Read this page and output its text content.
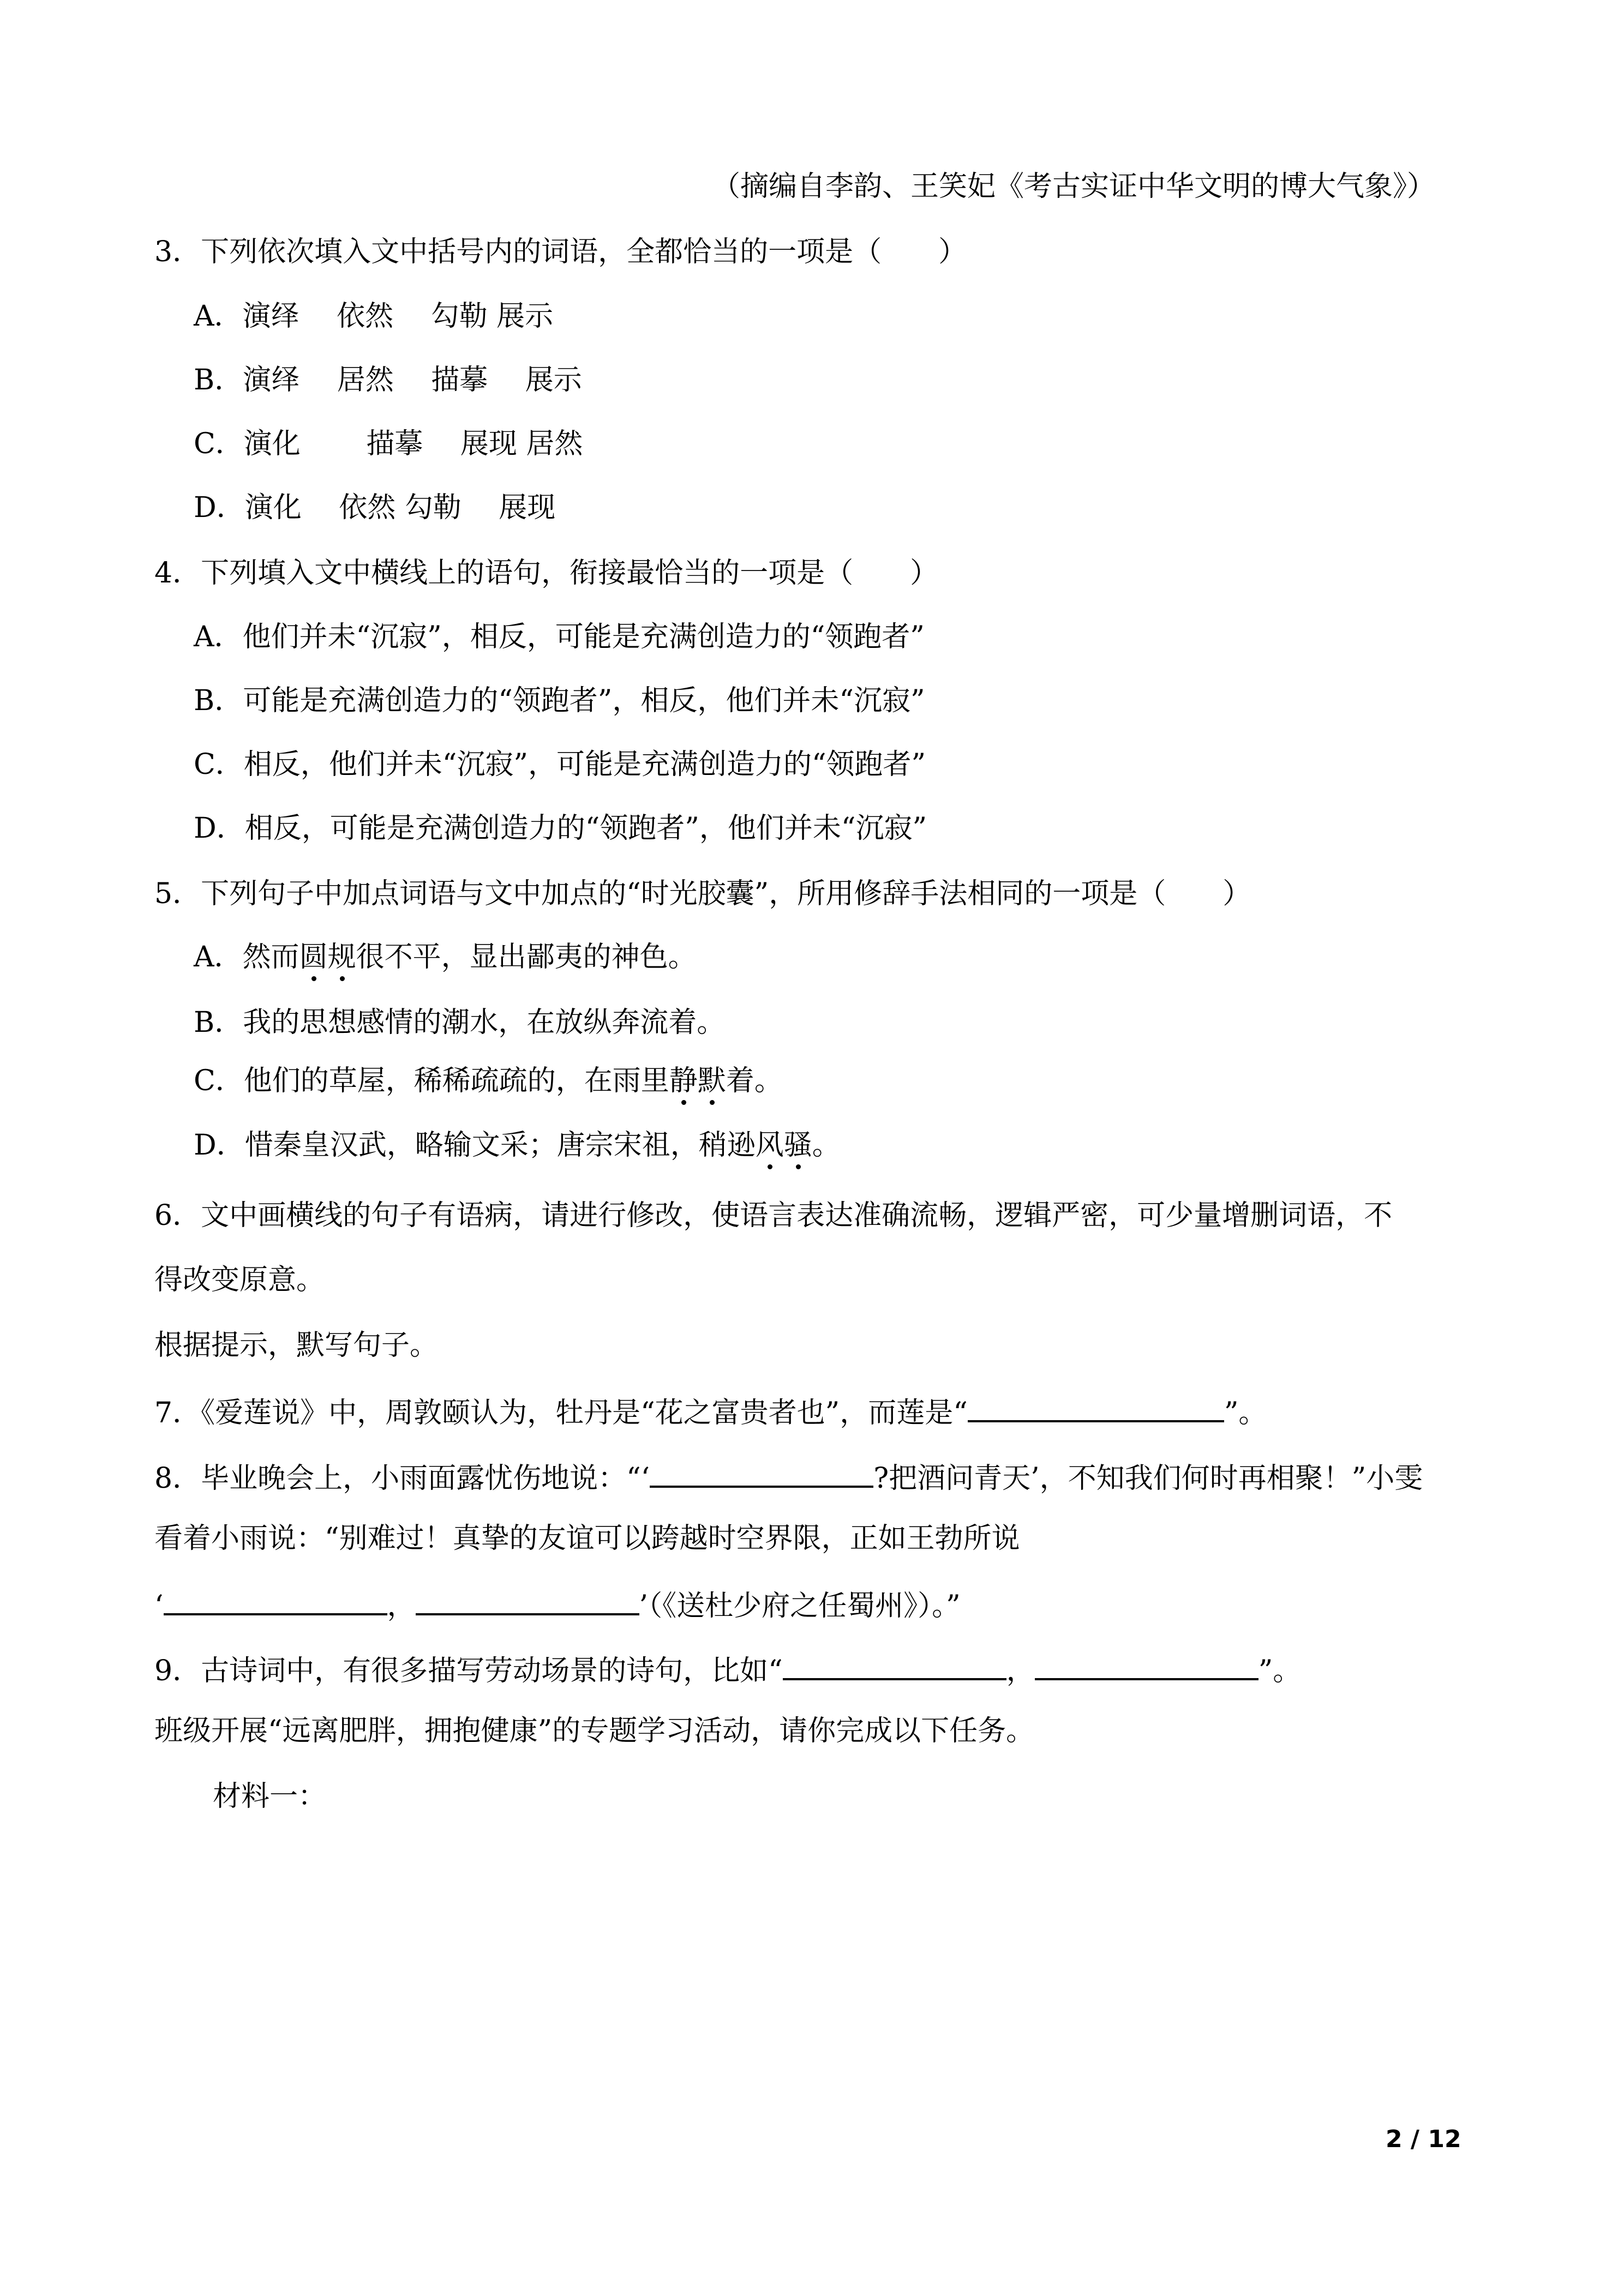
（摘编自李韵、王笑妃《考古实证中华文明的博大气象》）
3．下列依次填入文中括号内的词语，全都恰当的一项是（　　）
A．演绎　 依然　 勾勒 展示
B．演绎　 居然　 描摹　 展示
C．演化　　 描摹　 展现 居然
D．演化　 依然 勾勒　 展现
4．下列填入文中横线上的语句，衔接最恰当的一项是（　　）
A．他们并未“沉寂”，相反，可能是充满创造力的“领跑者”
B．可能是充满创造力的“领跑者”，相反，他们并未“沉寂”
C．相反，他们并未“沉寂”，可能是充满创造力的“领跑者”
D．相反，可能是充满创造力的“领跑者”，他们并未“沉寂”
5．下列句子中加点词语与文中加点的“时光胶囊”，所用修辞手法相同的一项是（　　）
A．然而圆规很不平，显出鄙夷的神色。
B．我的思想感情的潮水，在放纵奔流着。
C．他们的草屋，稀稀疏疏的，在雨里静默着。
D．惜秦皇汉武，略输文采；唐宗宋祖，稍逊风骚。
6．文中画横线的句子有语病，请进行修改，使语言表达准确流畅，逻辑严密，可少量增删词语，不
得改变原意。
根据提示，默写句子。
7．《爱莲说》中，周敦颐认为，牡丹是“花之富贵者也”，而莲是“	”。
8．毕业晚会上，小雨面露忧伤地说：“‘	?把酒问青天’，不知我们何时再相聚！”小雯
看着小雨说：“别难过！真挚的友谊可以跨越时空界限，正如王勃所说
‘	，	’（《送杜少府之任蜀州》）。”
9．古诗词中，有很多描写劳动场景的诗句，比如“	，	”。
班级开展“远离肥胖，拥抱健康”的专题学习活动，请你完成以下任务。
材料一：
2 / 12
